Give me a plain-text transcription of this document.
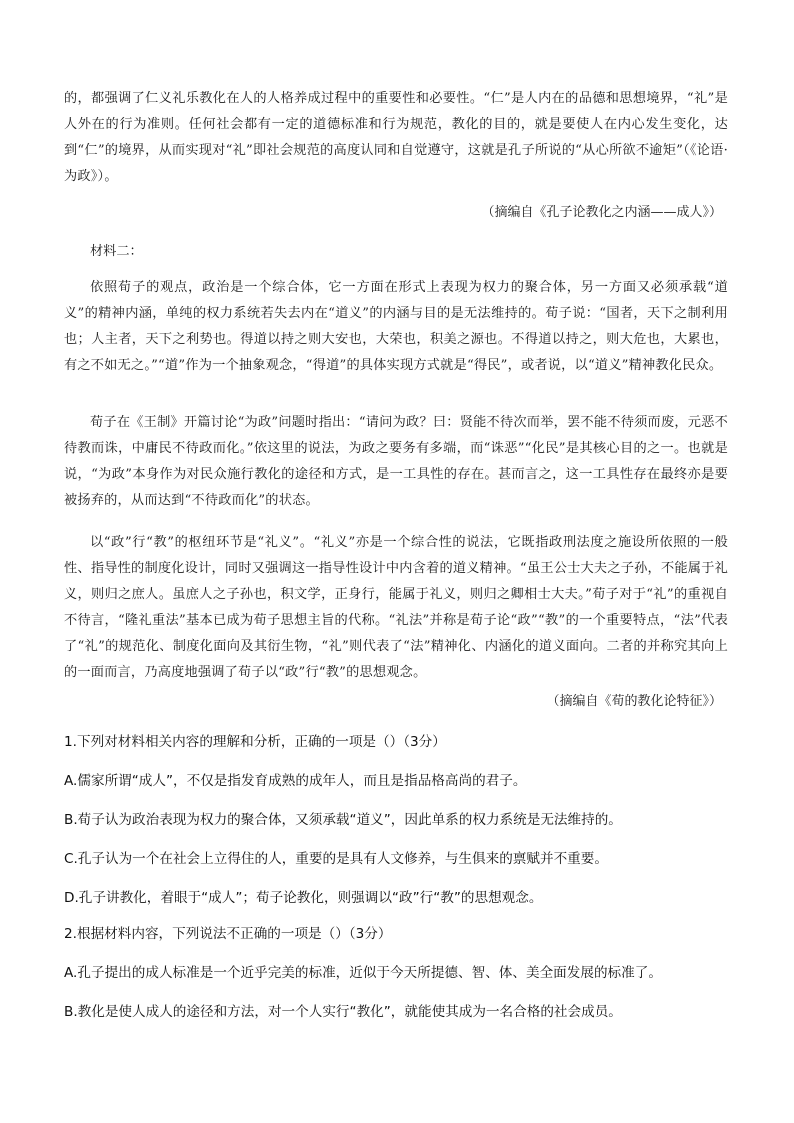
的，都强调了仁义礼乐教化在人的人格养成过程中的重要性和必要性。“仁”是人内在的品德和思想境界，“礼”是人外在的行为准则。任何社会都有一定的道德标准和行为规范，教化的目的，就是要使人在内心发生变化，达到“仁”的境界，从而实现对“礼”即社会规范的高度认同和自觉遵守，这就是孔子所说的“从心所欲不逾矩”（《论语·为政》）。

（摘编自《孔子论教化之内涵——成人》）

材料二：

依照荀子的观点，政治是一个综合体，它一方面在形式上表现为权力的聚合体，另一方面又必须承载“道义”的精神内涵，单纯的权力系统若失去内在“道义”的内涵与目的是无法维持的。荀子说：“国者，天下之制利用也；人主者，天下之利势也。得道以持之则大安也，大荣也，积美之源也。不得道以持之，则大危也，大累也，有之不如无之。”“道”作为一个抽象观念，“得道”的具体实现方式就是“得民”，或者说，以“道义”精神教化民众。

荀子在《王制》开篇讨论“为政”问题时指出：“请问为政？曰：贤能不待次而举，罢不能不待须而废，元恶不待教而诛，中庸民不待政而化。”依这里的说法，为政之要务有多端，而“诛恶”“化民”是其核心目的之一。也就是说，“为政”本身作为对民众施行教化的途径和方式，是一工具性的存在。甚而言之，这一工具性存在最终亦是要被扬弃的，从而达到“不待政而化”的状态。

以“政”行“教”的枢纽环节是“礼义”。“礼义”亦是一个综合性的说法，它既指政刑法度之施设所依照的一般性、指导性的制度化设计，同时又强调这一指导性设计中内含着的道义精神。“虽王公士大夫之子孙，不能属于礼义，则归之庶人。虽庶人之子孙也，积文学，正身行，能属于礼义，则归之卿相士大夫。”荀子对于“礼”的重视自不待言，“隆礼重法”基本已成为荀子思想主旨的代称。“礼法”并称是荀子论“政”“教”的一个重要特点，“法”代表了“礼”的规范化、制度化面向及其衍生物，“礼”则代表了“法”精神化、内涵化的道义面向。二者的并称究其向上的一面而言，乃高度地强调了荀子以“政”行“教”的思想观念。

（摘编自《荀的教化论特征》）

1.下列对材料相关内容的理解和分析，正确的一项是（）（3分）

A.儒家所谓“成人”，不仅是指发育成熟的成年人，而且是指品格高尚的君子。

B.荀子认为政治表现为权力的聚合体，又须承载“道义”，因此单系的权力系统是无法维持的。

C.孔子认为一个在社会上立得住的人，重要的是具有人文修养，与生俱来的禀赋并不重要。

D.孔子讲教化，着眼于“成人”；荀子论教化，则强调以“政”行“教”的思想观念。

2.根据材料内容，下列说法不正确的一项是（）（3分）

A.孔子提出的成人标准是一个近乎完美的标准，近似于今天所提德、智、体、美全面发展的标准了。

B.教化是使人成人的途径和方法，对一个人实行“教化”，就能使其成为一名合格的社会成员。
